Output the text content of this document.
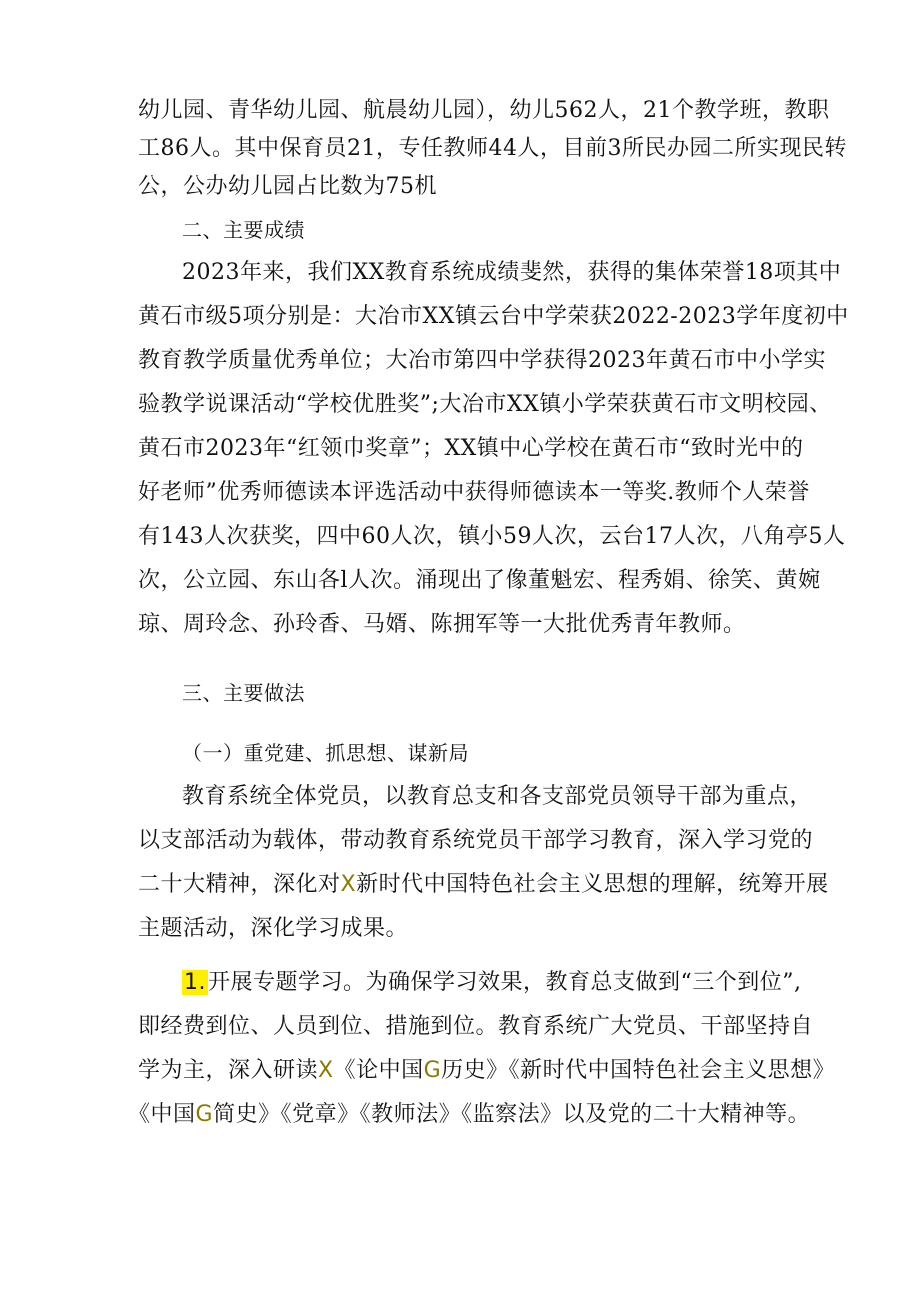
幼儿园、青华幼儿园、航晨幼儿园），幼儿562人，21个教学班，教职
工86人。其中保育员21，专任教师44人，目前3所民办园二所实现民转
公，公办幼儿园占比数为75机
二、主要成绩
2023年来，我们XX教育系统成绩斐然，获得的集体荣誉18项其中
黄石市级5项分别是：大冶市XX镇云台中学荣获2022-2023学年度初中
教育教学质量优秀单位；大冶市第四中学获得2023年黄石市中小学实
验教学说课活动“学校优胜奖”;大冶市XX镇小学荣获黄石市文明校园、
黄石市2023年“红领巾奖章”；XX镇中心学校在黄石市“致时光中的
好老师”优秀师德读本评选活动中获得师德读本一等奖.教师个人荣誉
有143人次获奖，四中60人次，镇小59人次，云台17人次，八角亭5人
次，公立园、东山各l人次。涌现出了像董魁宏、程秀娟、徐笑、黄婉
琼、周玲念、孙玲香、马婿、陈拥军等一大批优秀青年教师。
三、主要做法
（一）重党建、抓思想、谋新局
教育系统全体党员，以教育总支和各支部党员领导干部为重点，
以支部活动为载体，带动教育系统党员干部学习教育，深入学习党的
二十大精神，深化对X新时代中国特色社会主义思想的理解，统筹开展
主题活动，深化学习成果。
1.开展专题学习。为确保学习效果，教育总支做到“三个到位”,
即经费到位、人员到位、措施到位。教育系统广大党员、干部坚持自
学为主，深入研读X《论中国G历史》《新时代中国特色社会主义思想》
《中国G简史》《党章》《教师法》《监察法》以及党的二十大精神等。
